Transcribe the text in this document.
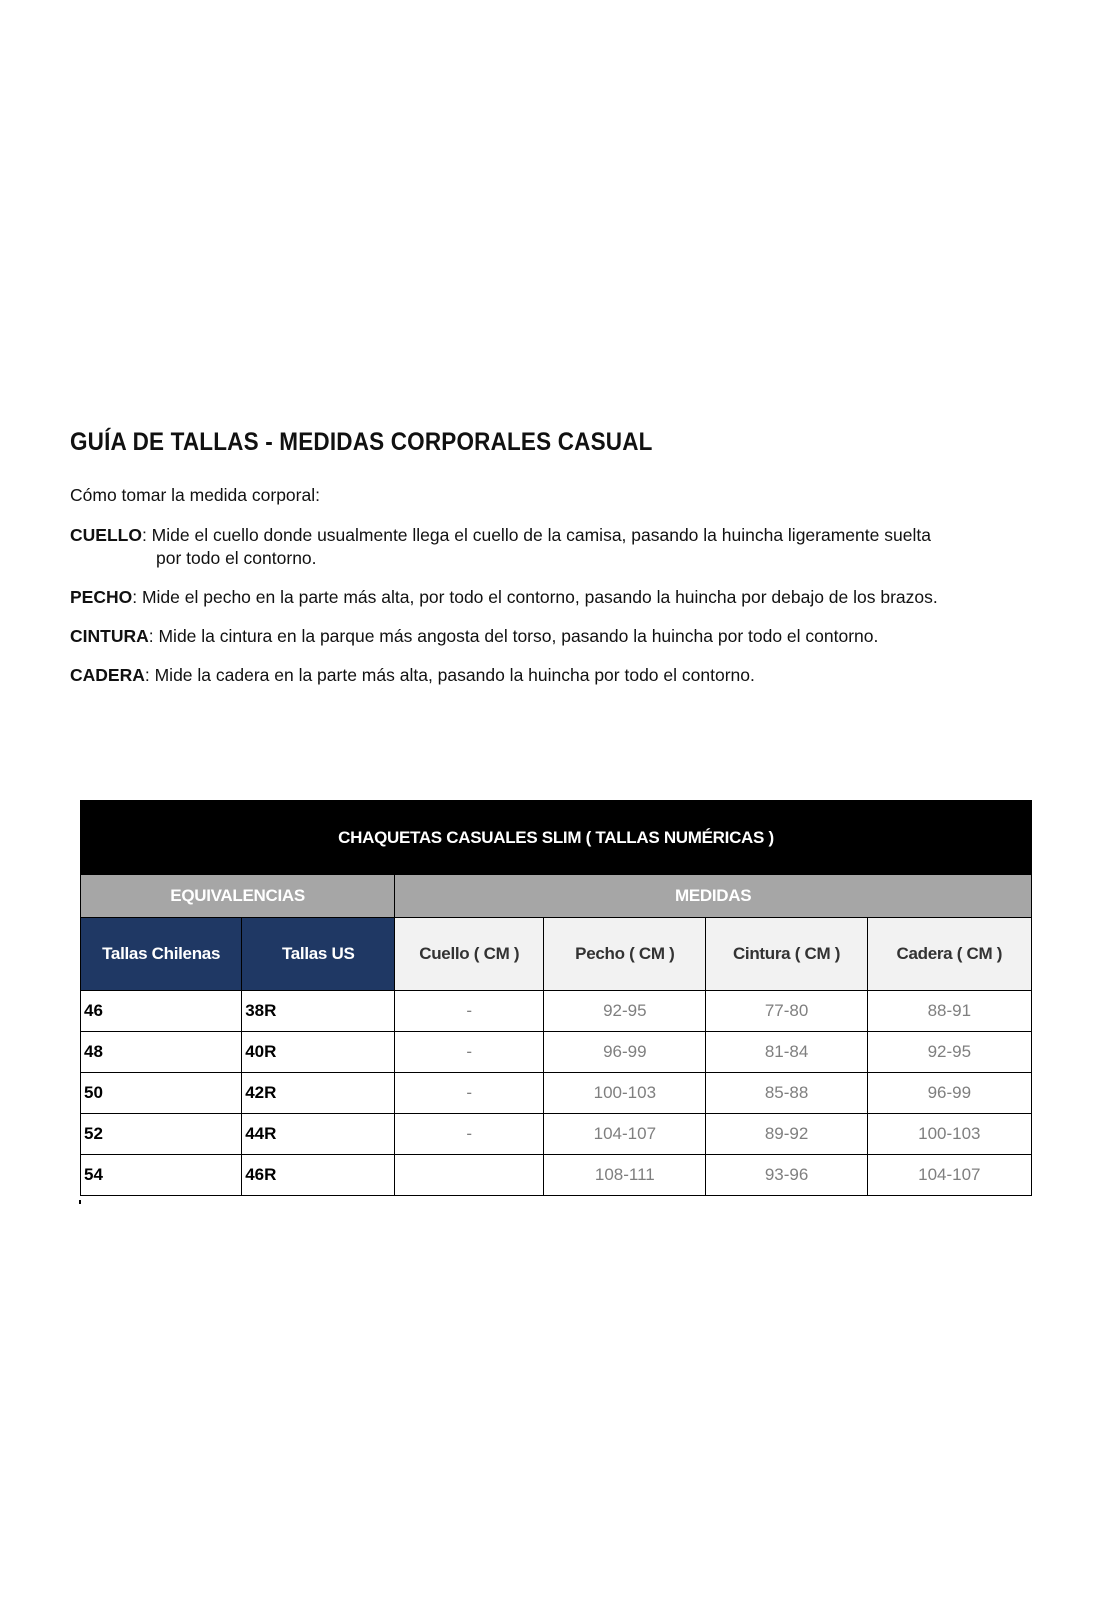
GUÍA DE TALLAS - MEDIDAS CORPORALES CASUAL
Cómo tomar la medida corporal:
CUELLO: Mide el cuello donde usualmente llega el cuello de la camisa, pasando la huincha ligeramente suelta
por todo el contorno.
PECHO: Mide el pecho en la parte más alta, por todo el contorno, pasando la huincha por debajo de los brazos.
CINTURA: Mide la cintura en la parque más angosta del torso, pasando la huincha por todo el contorno.
CADERA: Mide la cadera en la parte más alta, pasando la huincha por todo el contorno.
CHAQUETAS CASUALES SLIM ( TALLAS NUMÉRICAS )					
EQUIVALENCIAS		MEDIDAS			
Tallas Chilenas	Tallas US	Cuello ( CM )	Pecho ( CM )	Cintura ( CM )	Cadera ( CM )
46	38R	-	92-95	77-80	88-91
48	40R	-	96-99	81-84	92-95
50	42R	-	100-103	85-88	96-99
52	44R	-	104-107	89-92	100-103
54	46R		108-111	93-96	104-107
